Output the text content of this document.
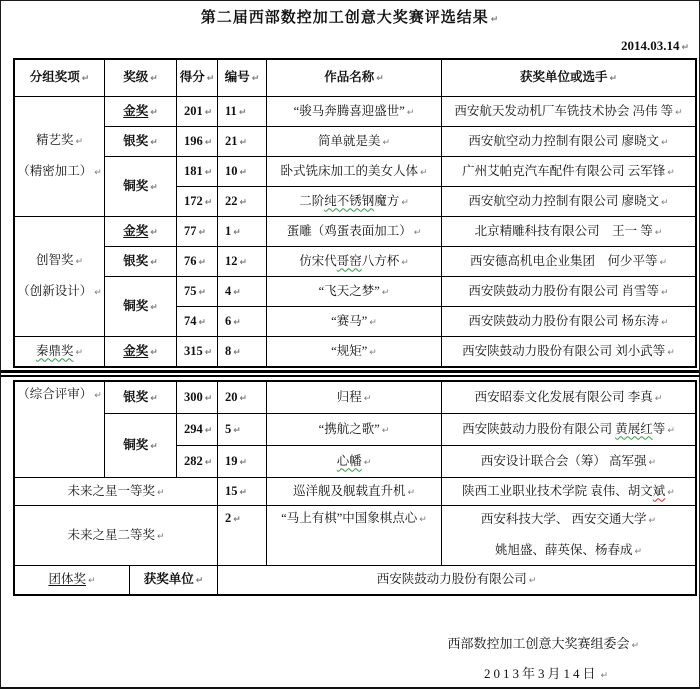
第二届西部数控加工创意大奖赛评选结果 ↵
2014.03.14 ↵
分组奖项 ↵	奖级 ↵ 得分 ↵ 编号 ↵	作品名称 ↵	获奖单位或选手 ↵
精艺奖 ↵
（精密加工） ↵
金奖 ↵ 201 ↵ 11 ↵	“骏马奔腾喜迎盛世” ↵	西安航天发动机厂车铣技术协会 冯伟 等 ↵
银奖 ↵ 196 ↵ 21 ↵	简单就是美 ↵	西安航空动力控制有限公司 廖晓文 ↵
铜奖 ↵
181 ↵ 10 ↵	卧式铣床加工的美女人体 ↵	广州艾帕克汽车配件有限公司 云军锋 ↵
172 ↵ 22 ↵	二阶纯不锈钢魔方 ↵	西安航空动力控制有限公司 廖晓文 ↵
创智奖 ↵
（创新设计） ↵
金奖 ↵ 77 ↵ 1 ↵	蛋雕（鸡蛋表面加工） ↵	北京精雕科技有限公司　王一 等 ↵
银奖 ↵ 76 ↵ 12 ↵	仿宋代哥窑八方杯 ↵	西安德高机电企业集团　何少平等 ↵
铜奖 ↵
75 ↵ 4 ↵	“飞天之梦” ↵	西安陕鼓动力股份有限公司 肖雪等 ↵
74 ↵ 6 ↵	“赛马” ↵	西安陕鼓动力股份有限公司 杨东涛 ↵
秦鼎奖 ↵	金奖 ↵ 315 ↵ 8 ↵	“规矩” ↵	西安陕鼓动力股份有限公司 刘小武等 ↵
（综合评审） ↵ 银奖 ↵ 300 ↵ 20 ↵	归程 ↵	西安昭泰文化发展有限公司 李真 ↵
铜奖 ↵
294 ↵ 5 ↵	“携航之歌” ↵	西安陕鼓动力股份有限公司 黄展红等 ↵
282 ↵ 19 ↵	心幡 ↵	西安设计联合会（筹） 高军强 ↵
未来之星一等奖 ↵	15 ↵	巡洋舰及舰载直升机 ↵	陕西工业职业技术学院 袁伟、胡文斌 ↵
未来之星二等奖 ↵
2 ↵	“马上有棋”中国象棋点心 ↵	西安科技大学、 西安交通大学 ↵
姚旭盛、薛英保、杨春成 ↵
团体奖 ↵	获奖单位 ↵	西安陕鼓动力股份有限公司 ↵
西部数控加工创意大奖赛组委会 ↵
2013年3月14日 ↵
